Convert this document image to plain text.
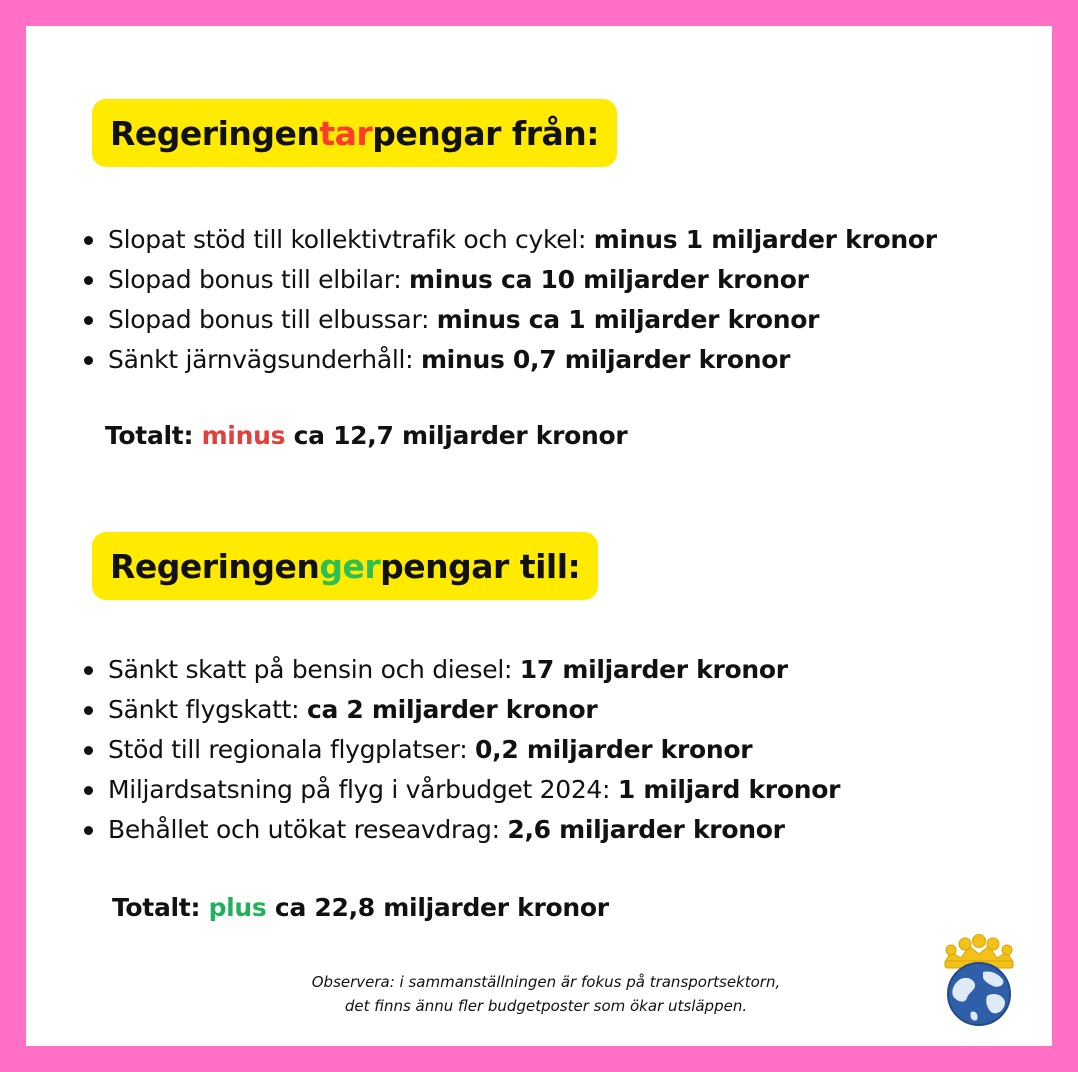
Regeringen tar pengar från:
Slopat stöd till kollektivtrafik och cykel: minus 1 miljarder kronor
Slopad bonus till elbilar: minus ca 10 miljarder kronor
Slopad bonus till elbussar: minus ca 1 miljarder kronor
Sänkt järnvägsunderhåll: minus 0,7 miljarder kronor
Totalt: minus ca 12,7 miljarder kronor
Regeringen ger pengar till:
Sänkt skatt på bensin och diesel: 17 miljarder kronor
Sänkt flygskatt: ca 2 miljarder kronor
Stöd till regionala flygplatser: 0,2 miljarder kronor
Miljardsatsning på flyg i vårbudget 2024: 1 miljard kronor
Behållet och utökat reseavdrag: 2,6 miljarder kronor
Totalt: plus ca 22,8 miljarder kronor
Observera: i sammanställningen är fokus på transportsektorn,
det finns ännu fler budgetposter som ökar utsläppen.
